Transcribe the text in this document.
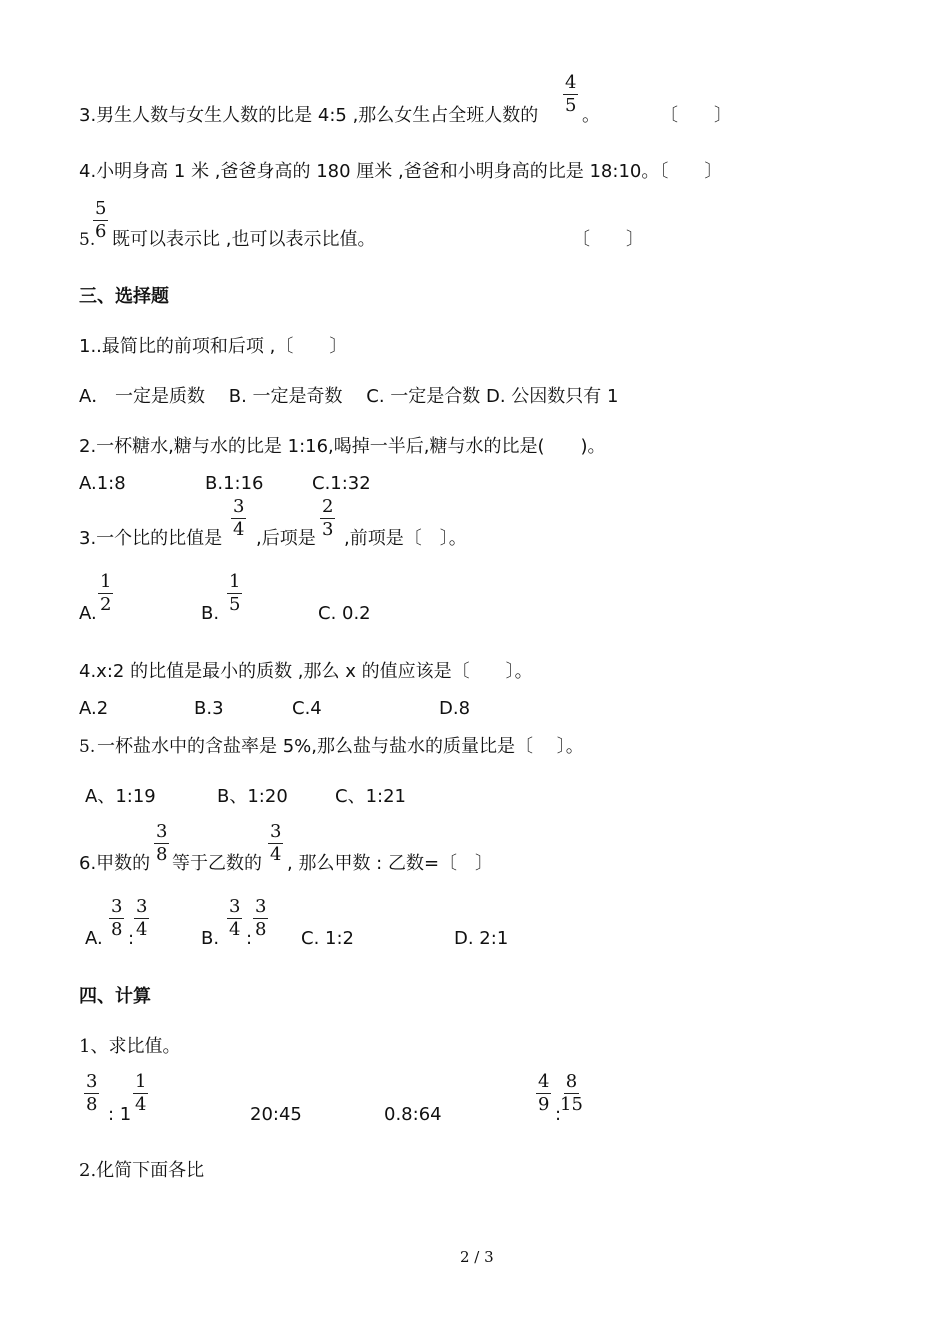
3.男生人数与女生人数的比是 4:5 ,那么女生占全班人数的
$\frac{4}{5}$
。	〔　　〕
4.小明身高 1 米 ,爸爸身高的 180 厘米 ,爸爸和小明身高的比是 18:10。〔　　〕
5.
$\frac{5}{6}$ 既可以表示比 ,也可以表示比值。	〔　　〕
三、选择题
1..最简比的前项和后项 ,〔　　〕
A． 一定是质数　 B. 一定是奇数　 C. 一定是合数 D. 公因数只有 1
2.一杯糖水,糖与水的比是 1:16,喝掉一半后,糖与水的比是(　　)。
A.1:8	B.1:16	C.1:32
3.一个比的比值是 $\frac{3}{4}$ ,后项是 $\frac{2}{3}$ ,前项是〔　〕。
A. $\frac{1}{2}$	B. $\frac{1}{5}$	C. 0.2
4.x:2 的比值是最小的质数 ,那么 x 的值应该是〔　　〕。
A.2	B.3	C.4	D.8
5. 一杯盐水中的含盐率是 5%,那么盐与盐水的质量比是〔　 〕。
A、1:19	B、1:20	C、1:21
6.甲数的 $\frac{3}{8}$ 等于乙数的 $\frac{3}{4}$ , 那么甲数 : 乙数=〔　〕
A. $\frac{3}{8}$ : $\frac{3}{4}$	B. $\frac{3}{4}$ : $\frac{3}{8} C$. 1:2	D. 2:1
四、计算
1、求比值。
$\frac{3}{8}$
: 1
$\frac{1}{4}$
20:45	0.8:64
$\frac{4}{9}$
:
$\frac{8}{15}$
2.化简下面各比
2 / 3
